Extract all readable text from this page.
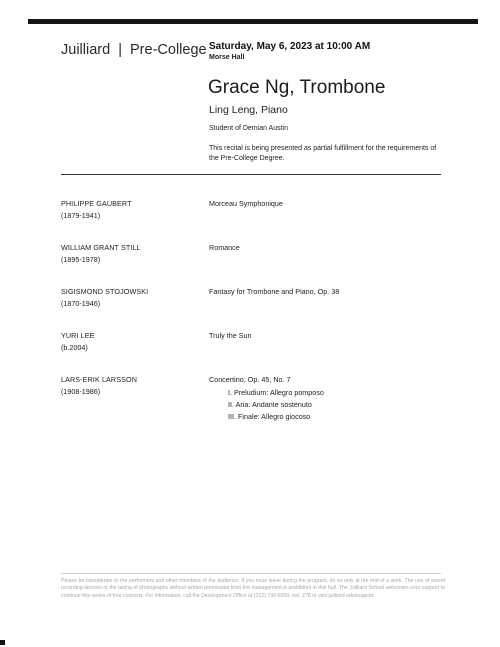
Juilliard | Pre-College Saturday, May 6, 2023 at 10:00 AM
Morse Hall
Grace Ng, Trombone
Ling Leng, Piano
Student of Demian Austin
This recital is being presented as partial fulfillment for the requirements of the Pre-College Degree.
PHILIPPE GAUBERT
(1879-1941)
Morceau Symphonique
WILLIAM GRANT STILL
(1895-1978)
Romance
SIGISMOND STOJOWSKI
(1870-1946)
Fantasy for Trombone and Piano, Op. 38
YURI LEE
(b.2004)
Truly the Sun
LARS-ERIK LARSSON
(1908-1986)
Concertino, Op. 45, No. 7
I. Preludium: Allegro pomposo
II. Aria: Andante sostenuto
III. Finale: Allegro giocoso
Please be considerate to the performers and other members of the audience. If you must leave during the program, do so only at the end of a work. The use of sound recording devices or the taking of photographs without written permission from the management is prohibited in this hall. The Juilliard School welcomes your support to continue this series of free concerts. For information, call the Development Office at (212) 799-5000, ext. 278 or visit juilliard.edu/support.
